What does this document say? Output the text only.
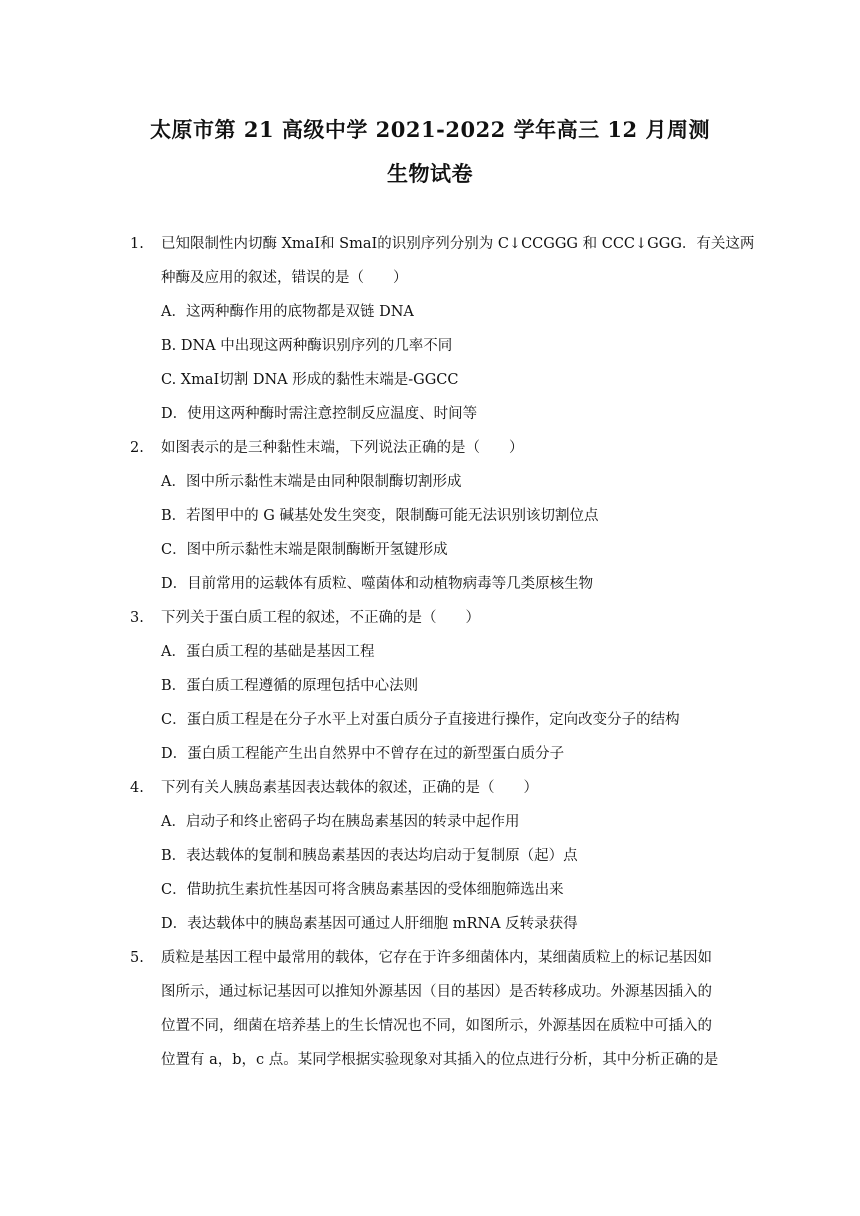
太原市第 21 高级中学 2021-2022 学年高三 12 月周测
生物试卷
1. 已知限制性内切酶 XmaI和 SmaI的识别序列分别为 C↓CCGGG 和 CCC↓GGG．有关这两
种酶及应用的叙述，错误的是（　　）
A．这两种酶作用的底物都是双链 DNA
B. DNA 中出现这两种酶识别序列的几率不同
C. XmaI切割 DNA 形成的黏性末端是-GGCC
D．使用这两种酶时需注意控制反应温度、时间等
2. 如图表示的是三种黏性末端，下列说法正确的是（　　）
A．图中所示黏性末端是由同种限制酶切割形成
B．若图甲中的 G 碱基处发生突变，限制酶可能无法识别该切割位点
C．图中所示黏性末端是限制酶断开氢键形成
D．目前常用的运载体有质粒、噬菌体和动植物病毒等几类原核生物
3. 下列关于蛋白质工程的叙述，不正确的是（　　）
A．蛋白质工程的基础是基因工程
B．蛋白质工程遵循的原理包括中心法则
C．蛋白质工程是在分子水平上对蛋白质分子直接进行操作，定向改变分子的结构
D．蛋白质工程能产生出自然界中不曾存在过的新型蛋白质分子
4. 下列有关人胰岛素基因表达载体的叙述，正确的是（　　）
A．启动子和终止密码子均在胰岛素基因的转录中起作用
B．表达载体的复制和胰岛素基因的表达均启动于复制原（起）点
C．借助抗生素抗性基因可将含胰岛素基因的受体细胞筛选出来
D．表达载体中的胰岛素基因可通过人肝细胞 mRNA 反转录获得
5. 质粒是基因工程中最常用的载体，它存在于许多细菌体内，某细菌质粒上的标记基因如
图所示，通过标记基因可以推知外源基因（目的基因）是否转移成功。外源基因插入的
位置不同，细菌在培养基上的生长情况也不同，如图所示，外源基因在质粒中可插入的
位置有 a，b，c 点。某同学根据实验现象对其插入的位点进行分析，其中分析正确的是
